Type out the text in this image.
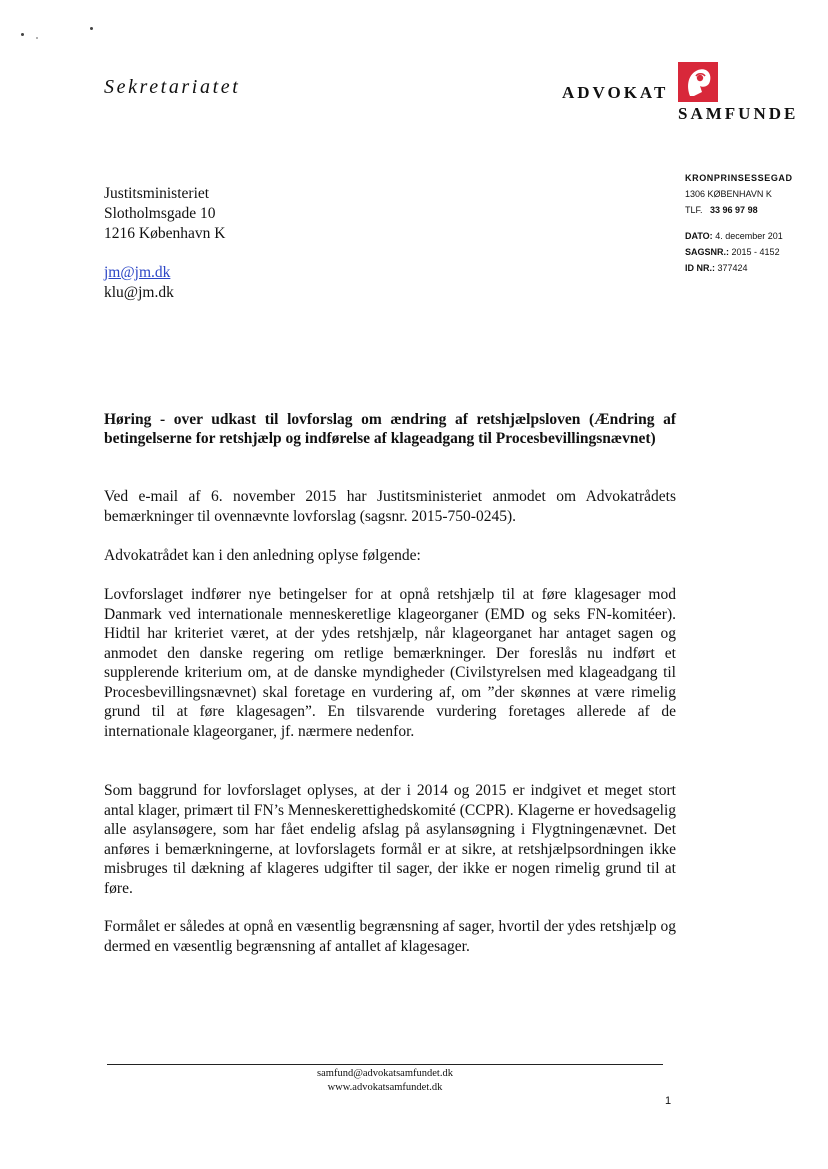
Sekretariatet	ADVOKAT
SAMFUNDE
KRONPRINSESSEGAD
1306 KØBENHAVN K
TLF. 33 96 97 98
DATO: 4. december 201
SAGSNR.: 2015 - 4152
ID NR.: 377424
Justitsministeriet
Slotholmsgade 10
1216 København K
jm@jm.dk
klu@jm.dk
Høring - over udkast til lovforslag om ændring af retshjælpsloven (Ændring af betingelserne for retshjælp og indførelse af klageadgang til Procesbevillingsnævnet)
Ved e-mail af 6. november 2015 har Justitsministeriet anmodet om Advokatrådets bemærkninger til ovennævnte lovforslag (sagsnr. 2015-750-0245).
Advokatrådet kan i den anledning oplyse følgende:
Lovforslaget indfører nye betingelser for at opnå retshjælp til at føre klagesager mod Danmark ved internationale menneskeretlige klageorganer (EMD og seks FN-komitéer). Hidtil har kriteriet været, at der ydes retshjælp, når klageorganet har antaget sagen og anmodet den danske regering om retlige bemærkninger. Der foreslås nu indført et supplerende kriterium om, at de danske myndigheder (Civilstyrelsen med klageadgang til Procesbevillingsnævnet) skal foretage en vurdering af, om ”der skønnes at være rimelig grund til at føre klagesagen”. En tilsvarende vurdering foretages allerede af de internationale klageorganer, jf. nærmere nedenfor.
Som baggrund for lovforslaget oplyses, at der i 2014 og 2015 er indgivet et meget stort antal klager, primært til FN’s Menneskerettighedskomité (CCPR). Klagerne er hovedsagelig alle asylansøgere, som har fået endelig afslag på asylansøgning i Flygtningenævnet. Det anføres i bemærkningerne, at lovforslagets formål er at sikre, at retshjælpsordningen ikke misbruges til dækning af klageres udgifter til sager, der ikke er nogen rimelig grund til at føre.
Formålet er således at opnå en væsentlig begrænsning af sager, hvortil der ydes retshjælp og dermed en væsentlig begrænsning af antallet af klagesager.
samfund@advokatsamfundet.dk
www.advokatsamfundet.dk
1
